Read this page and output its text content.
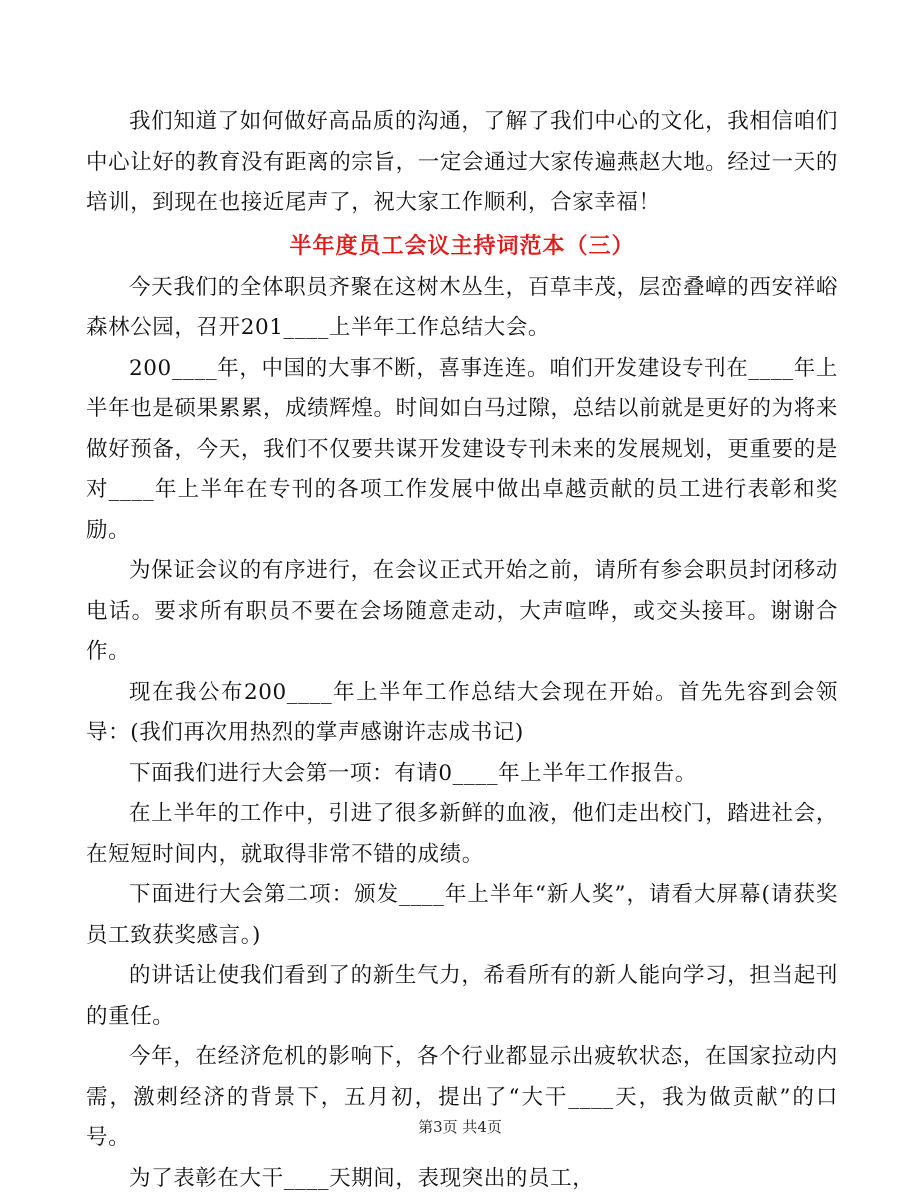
我们知道了如何做好高品质的沟通，了解了我们中心的文化，我相信咱们中心让好的教育没有距离的宗旨，一定会通过大家传遍燕赵大地。经过一天的培训，到现在也接近尾声了，祝大家工作顺利，合家幸福！

半年度员工会议主持词范本（三）

今天我们的全体职员齐聚在这树木丛生，百草丰茂，层峦叠嶂的西安祥峪森林公园，召开201____上半年工作总结大会。

200____年，中国的大事不断，喜事连连。咱们开发建设专刊在____年上半年也是硕果累累，成绩辉煌。时间如白马过隙，总结以前就是更好的为将来做好预备，今天，我们不仅要共谋开发建设专刊未来的发展规划，更重要的是对____年上半年在专刊的各项工作发展中做出卓越贡献的员工进行表彰和奖励。

为保证会议的有序进行，在会议正式开始之前，请所有参会职员封闭移动电话。要求所有职员不要在会场随意走动，大声喧哗，或交头接耳。谢谢合作。

现在我公布200____年上半年工作总结大会现在开始。首先先容到会领导：(我们再次用热烈的掌声感谢许志成书记)

下面我们进行大会第一项：有请0____年上半年工作报告。

在上半年的工作中，引进了很多新鲜的血液，他们走出校门，踏进社会，在短短时间内，就取得非常不错的成绩。

下面进行大会第二项：颁发____年上半年“新人奖”，请看大屏幕(请获奖员工致获奖感言。)

的讲话让使我们看到了的新生气力，希看所有的新人能向学习，担当起刊的重任。

今年，在经济危机的影响下，各个行业都显示出疲软状态，在国家拉动内需，激刺经济的背景下，五月初，提出了“大干____天，我为做贡献”的口号。

为了表彰在大干____天期间，表现突出的员工，

第3页 共4页
